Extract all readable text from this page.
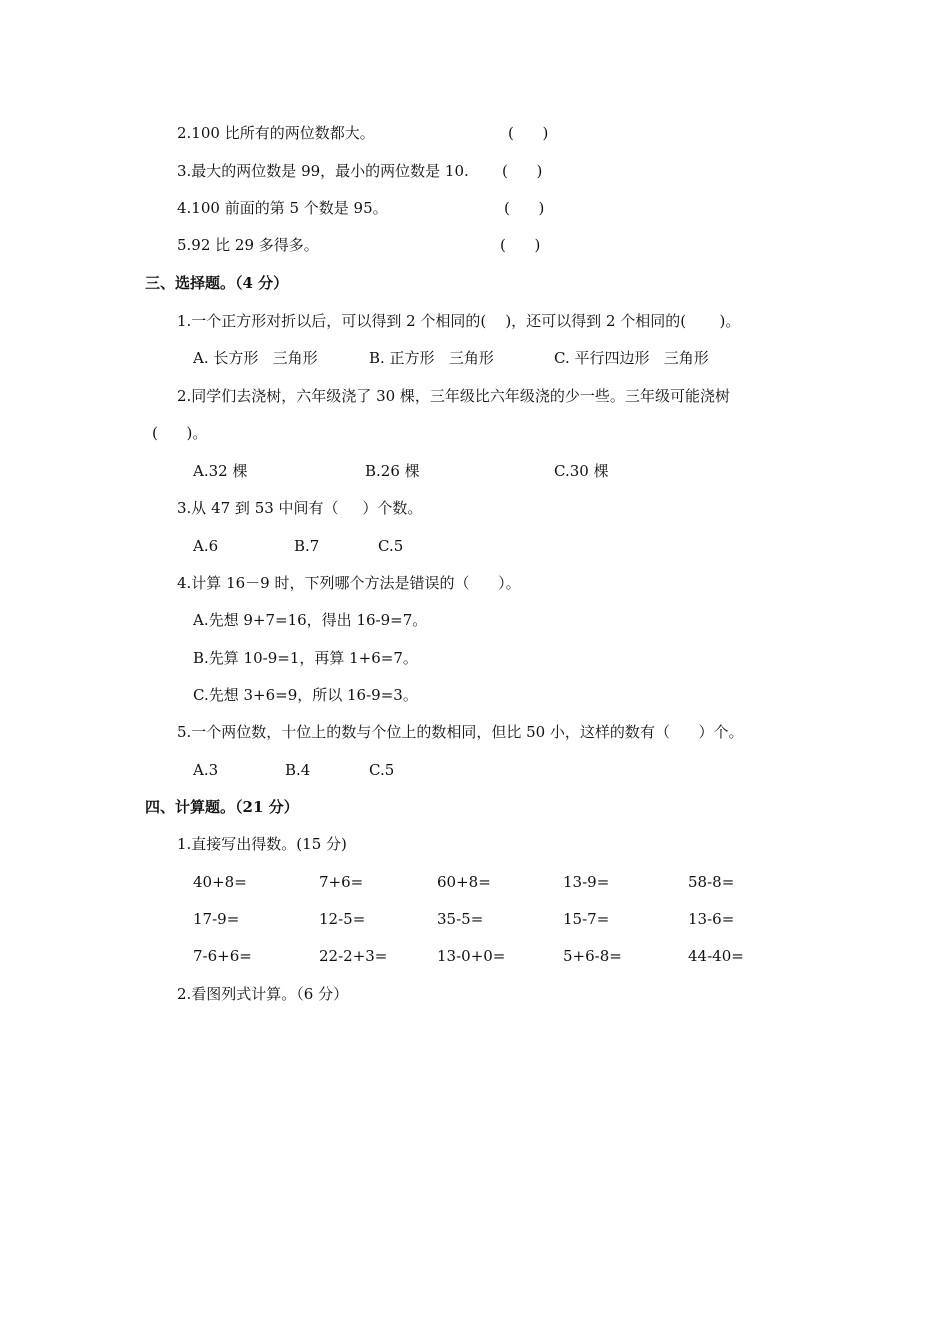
2.100 比所有的两位数都大。	(      )
3.最大的两位数是 99，最小的两位数是 10. (      )
4.100 前面的第 5 个数是 95。	(      )
5.92 比 29 多得多。	(      )
三、选择题。（4 分）
1.一个正方形对折以后，可以得到 2 个相同的(    )，还可以得到 2 个相同的(       )。
A. 长方形   三角形	B. 正方形   三角形	C. 平行四边形   三角形
2.同学们去浇树，六年级浇了 30 棵，三年级比六年级浇的少一些。三年级可能浇树
(      )。
A.32 棵	B.26 棵	C.30 棵
3.从 47 到 53 中间有（     ）个数。
A.6	B.7	C.5
4.计算 16－9 时，下列哪个方法是错误的（      ）。
A.先想 9+7=16，得出 16-9=7。
B.先算 10-9=1，再算 1+6=7。
C.先想 3+6=9，所以 16-9=3。
5.一个两位数，十位上的数与个位上的数相同，但比 50 小，这样的数有（      ）个。
A.3	B.4	C.5
四、计算题。（21 分）
1.直接写出得数。(15 分)
40+8=	7+6=	60+8=	13-9=	58-8=
17-9=	12-5=	35-5=	15-7=	13-6=
7-6+6=	22-2+3=	13-0+0=	5+6-8=	44-40=
2.看图列式计算。（6 分）
